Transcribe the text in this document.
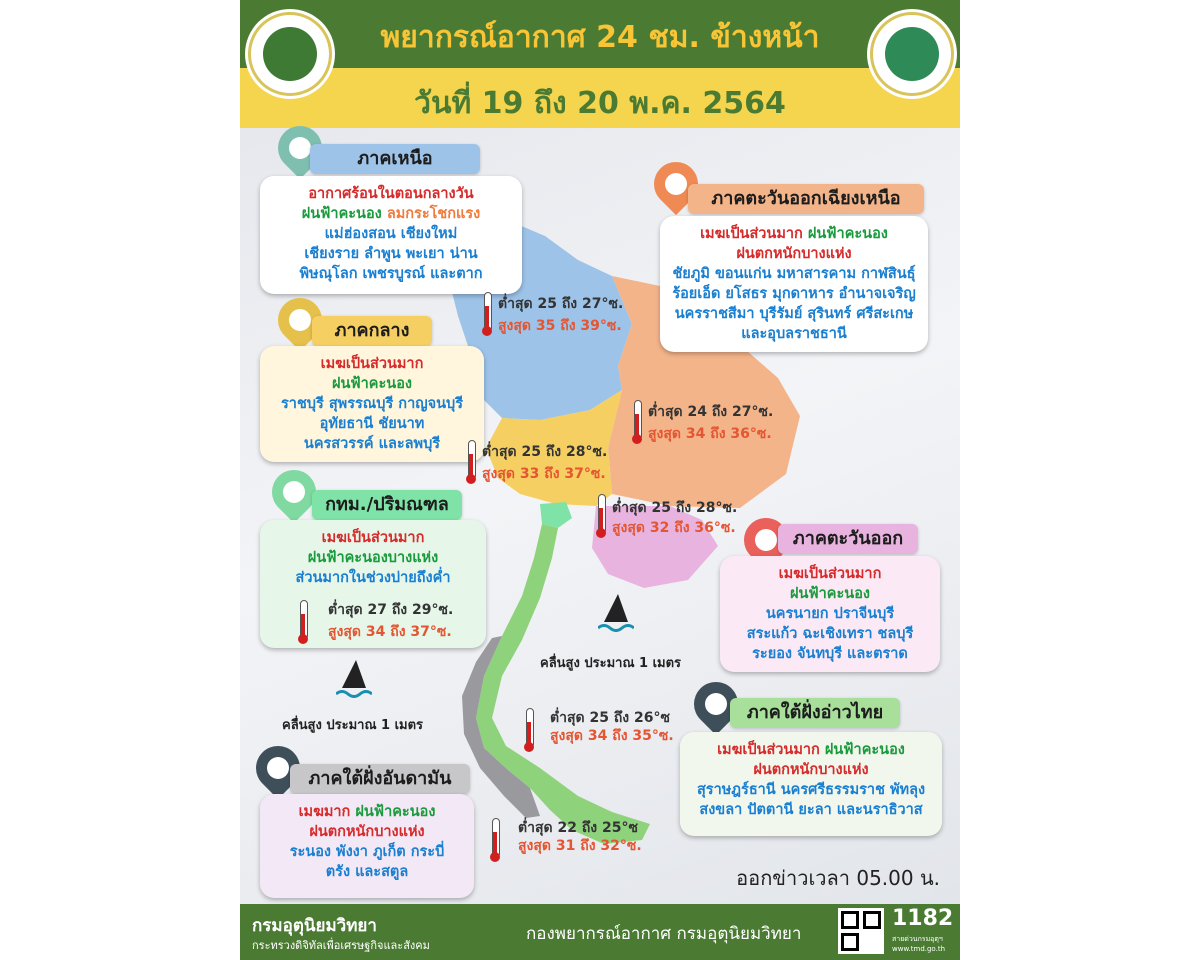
พยากรณ์อากาศ 24 ชม. ข้างหน้า
วันที่ 19 ถึง 20 พ.ค. 2564
ภาคเหนือ
อากาศร้อนในตอนกลางวัน
ฝนฟ้าคะนอง ลมกระโชกแรง
แม่ฮ่องสอน เชียงใหม่
เชียงราย ลำพูน พะเยา น่าน
พิษณุโลก เพชรบูรณ์ และตาก
ต่ำสุด 25 ถึง 27°ซ.
สูงสุด 35 ถึง 39°ซ.
ภาคตะวันออกเฉียงเหนือ
เมฆเป็นส่วนมาก ฝนฟ้าคะนอง
ฝนตกหนักบางแห่ง
ชัยภูมิ ขอนแก่น มหาสารคาม กาฬสินธุ์
ร้อยเอ็ด ยโสธร มุกดาหาร อำนาจเจริญ
นครราชสีมา บุรีรัมย์ สุรินทร์ ศรีสะเกษ
และอุบลราชธานี
ต่ำสุด 24 ถึง 27°ซ.
สูงสุด 34 ถึง 36°ซ.
ภาคกลาง
เมฆเป็นส่วนมาก
ฝนฟ้าคะนอง
ราชบุรี สุพรรณบุรี กาญจนบุรี
อุทัยธานี ชัยนาท
นครสวรรค์ และลพบุรี	ต่ำสุด 25 ถึง 28°ซ.
สูงสุด 33 ถึง 37°ซ.
กทม./ปริมณฑล
เมฆเป็นส่วนมาก
ฝนฟ้าคะนองบางแห่ง
ส่วนมากในช่วงบ่ายถึงค่ำ
ต่ำสุด 27 ถึง 29°ซ.
สูงสุด 34 ถึง 37°ซ.
ต่ำสุด 25 ถึง 28°ซ.
สูงสุด 32 ถึง 36°ซ.	ภาคตะวันออก
เมฆเป็นส่วนมาก
ฝนฟ้าคะนอง
นครนายก ปราจีนบุรี
สระแก้ว ฉะเชิงเทรา ชลบุรี
ระยอง จันทบุรี และตราด
คลื่นสูง ประมาณ 1 เมตร
คลื่นสูง ประมาณ 1 เมตร	ต่ำสุด 25 ถึง 26°ซ
สูงสุด 34 ถึง 35°ซ.
ภาคใต้ฝั่งอ่าวไทย
เมฆเป็นส่วนมาก ฝนฟ้าคะนอง
ฝนตกหนักบางแห่ง
สุราษฎร์ธานี นครศรีธรรมราช พัทลุง
สงขลา ปัตตานี ยะลา และนราธิวาส
ภาคใต้ฝั่งอันดามัน
เมฆมาก ฝนฟ้าคะนอง
ฝนตกหนักบางแห่ง
ระนอง พังงา ภูเก็ต กระบี่
ตรัง และสตูล
ต่ำสุด 22 ถึง 25°ซ
สูงสุด 31 ถึง 32°ซ.
ออกข่าวเวลา 05.00 น.
กรมอุตุนิยมวิทยา
กระทรวงดิจิทัลเพื่อเศรษฐกิจและสังคม
กองพยากรณ์อากาศ กรมอุตุนิยมวิทยา
1182
สายด่วนกรมอุตุฯ
www.tmd.go.th
